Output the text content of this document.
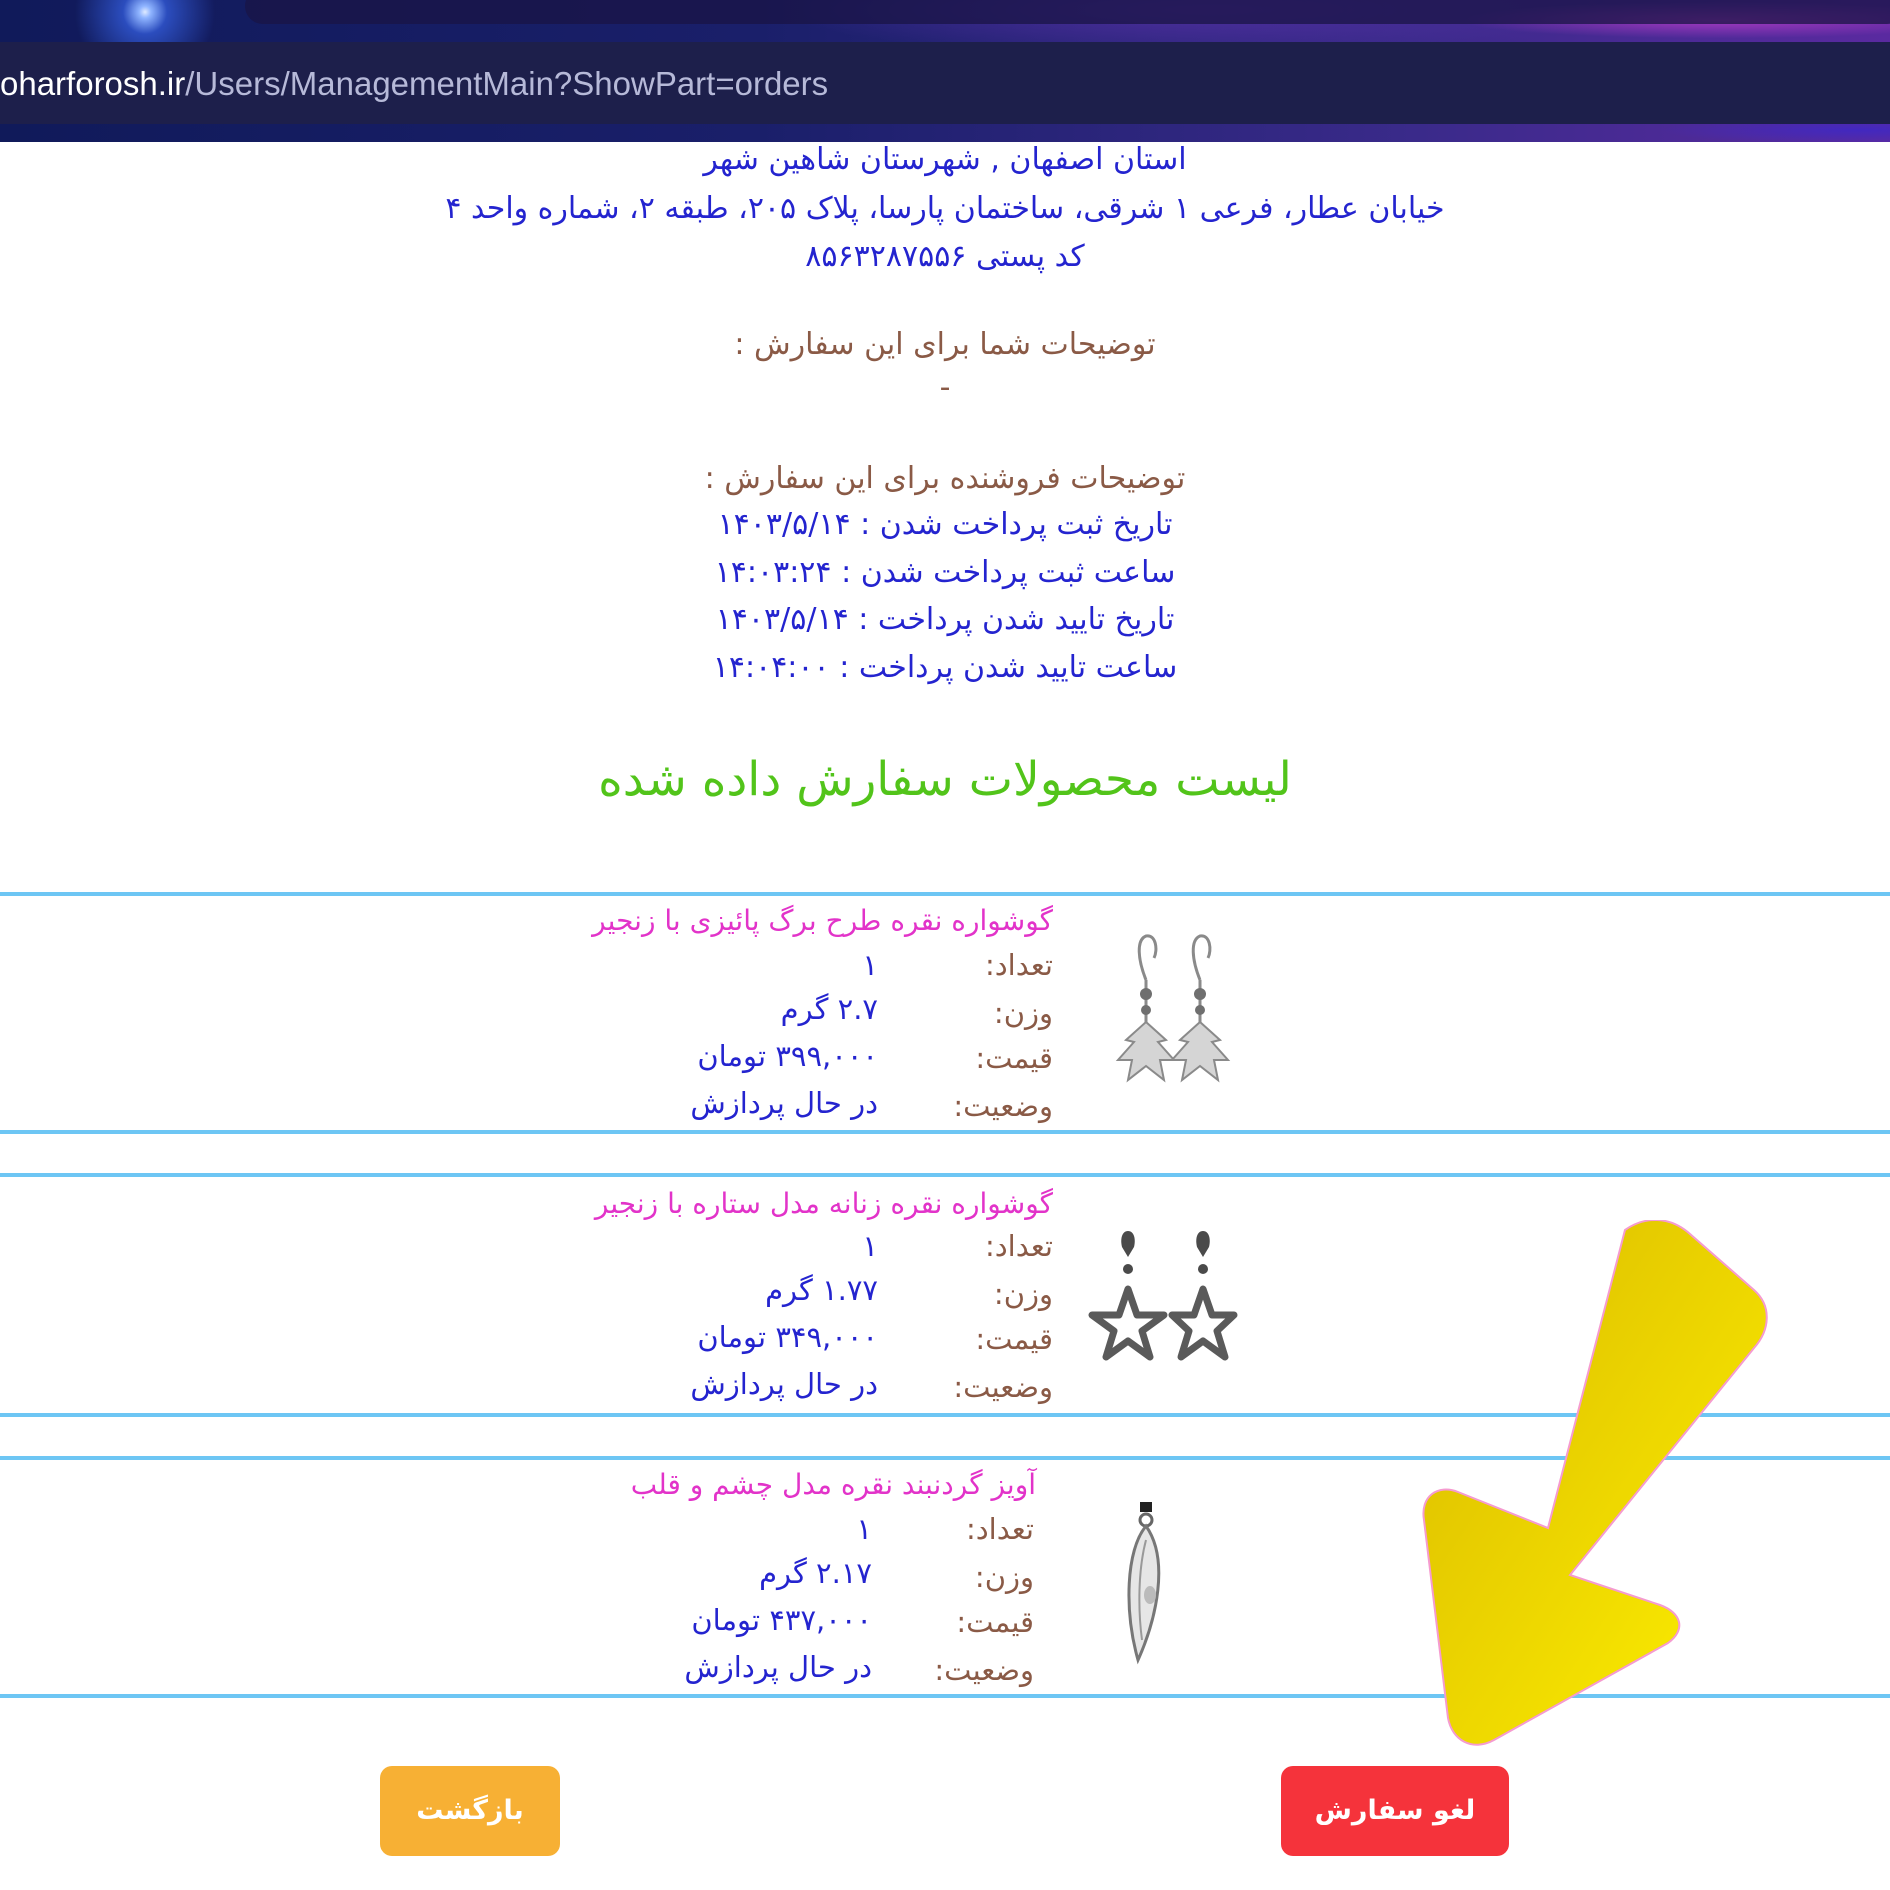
oharforosh.ir/Users/ManagementMain?ShowPart=orders
استان اصفهان , شهرستان شاهین شهر
خیابان عطار، فرعی ۱ شرقی، ساختمان پارسا، پلاک ۲۰۵، طبقه ۲، شماره واحد ۴
کد پستی ۸۵۶۳۲۸۷۵۵۶
توضیحات شما برای این سفارش :
-
توضیحات فروشنده برای این سفارش :
تاریخ ثبت پرداخت شدن : ۱۴۰۳/۵/۱۴
ساعت ثبت پرداخت شدن : ۱۴:۰۳:۲۴
تاریخ تایید شدن پرداخت : ۱۴۰۳/۵/۱۴
ساعت تایید شدن پرداخت : ۱۴:۰۴:۰۰
لیست محصولات سفارش داده شده
گوشواره نقره طرح برگ پائیزی با زنجیر
تعداد:
۱
وزن:
۲.۷ گرم
قیمت:
۳۹۹,۰۰۰ تومان
وضعیت:
در حال پردازش
گوشواره نقره زنانه مدل ستاره با زنجیر
تعداد:
۱
وزن:
۱.۷۷ گرم
قیمت:
۳۴۹,۰۰۰ تومان
وضعیت:
در حال پردازش
آویز گردنبند نقره مدل چشم و قلب
تعداد:
۱
وزن:
۲.۱۷ گرم
قیمت:
۴۳۷,۰۰۰ تومان
وضعیت:
در حال پردازش
لغو سفارش
بازگشت
